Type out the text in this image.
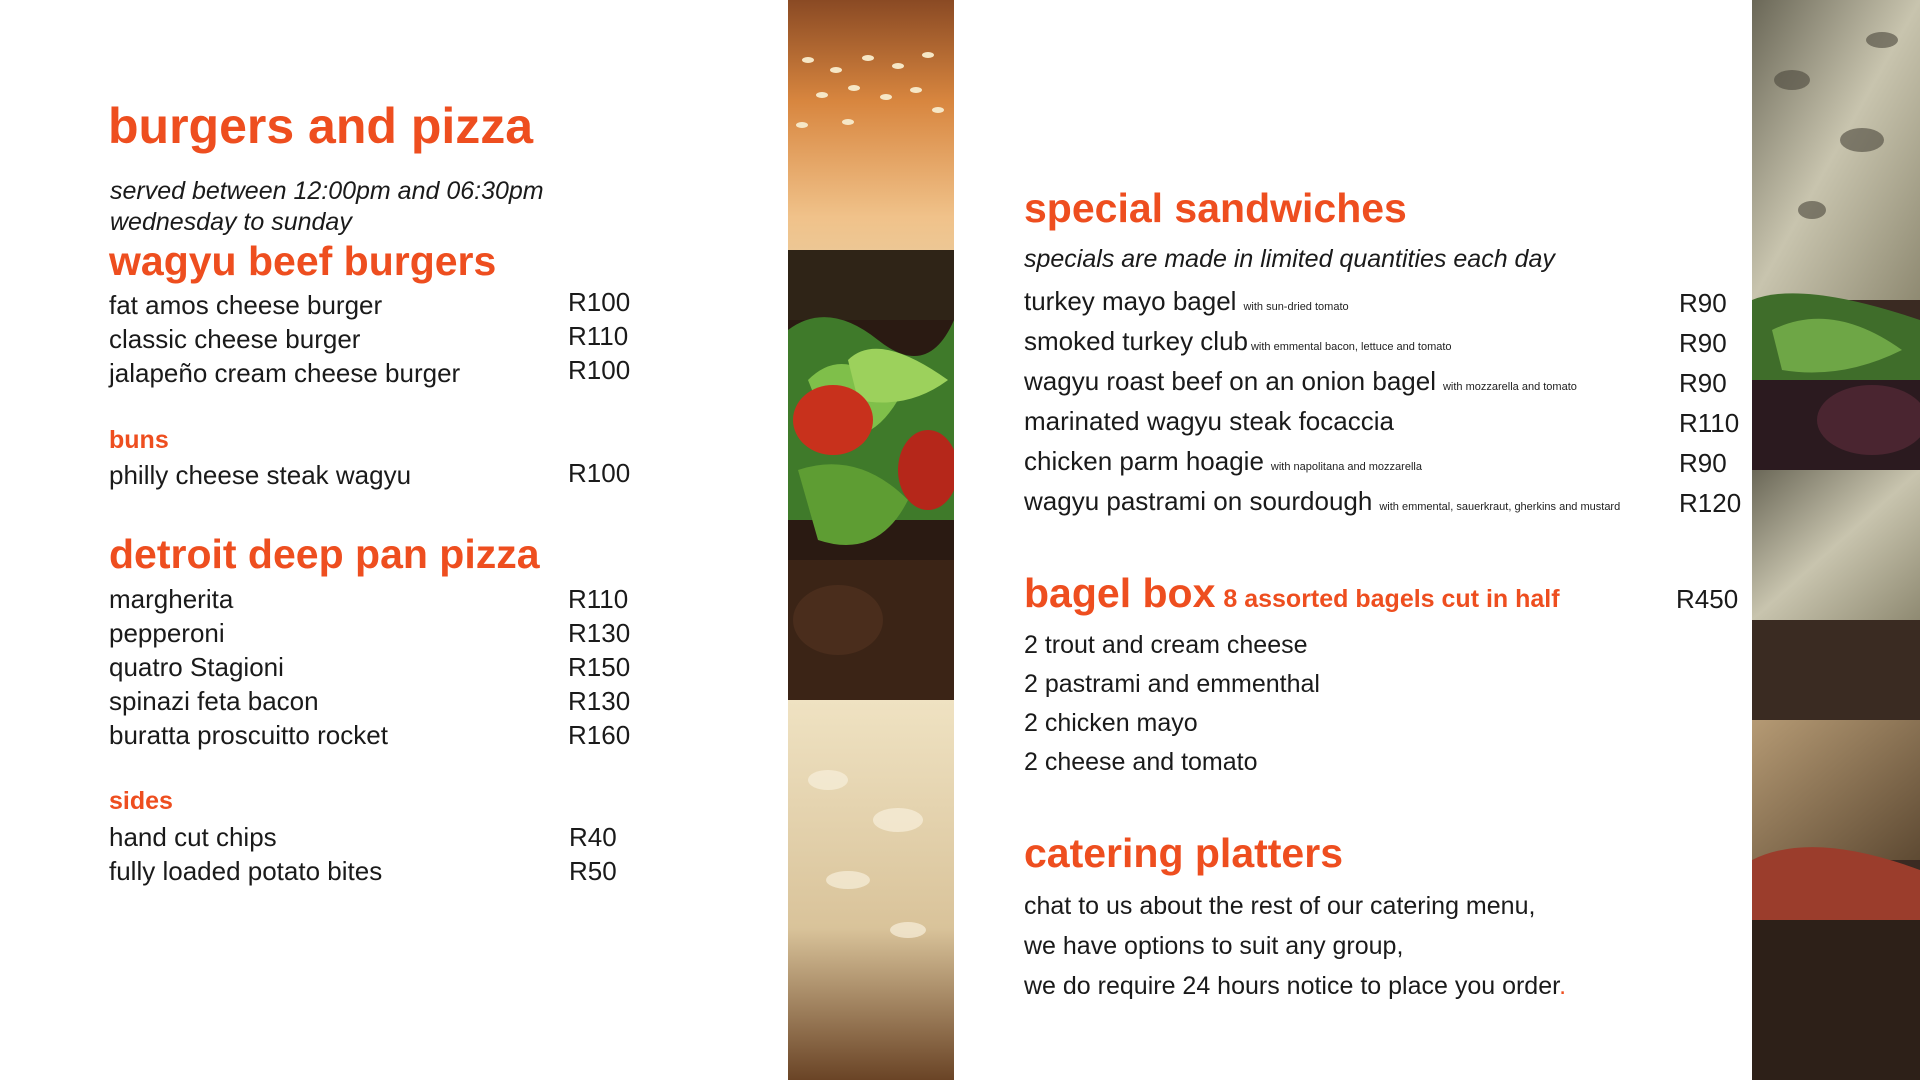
burgers and pizza
served between 12:00pm and 06:30pm
wednesday to sunday
wagyu beef burgers
fat amos cheese burger	R100
classic cheese burger	R110
jalapeño cream cheese burger	R100
buns
philly cheese steak wagyu	R100
detroit deep pan pizza
margherita	R110
pepperoni	R130
quatro Stagioni	R150
spinazi feta bacon	R130
buratta proscuitto rocket	R160
sides
hand cut chips	R40
fully loaded potato bites	R50
special sandwiches
specials are made in limited quantities each day
turkey mayo bagel with sun-dried tomato	R90
smoked turkey club with emmental bacon, lettuce and tomato	R90
wagyu roast beef on an onion bagel with mozzarella and tomato	R90
marinated wagyu steak focaccia	R110
chicken parm hoagie with napolitana and mozzarella	R90
wagyu pastrami on sourdough with emmental, sauerkraut, gherkins and mustard R120
bagel box 8 assorted bagels cut in half	R450
2 trout and cream cheese
2 pastrami and emmenthal
2 chicken mayo
2 cheese and tomato
catering platters
chat to us about the rest of our catering menu,
we have options to suit any group,
we do require 24 hours notice to place you order.
